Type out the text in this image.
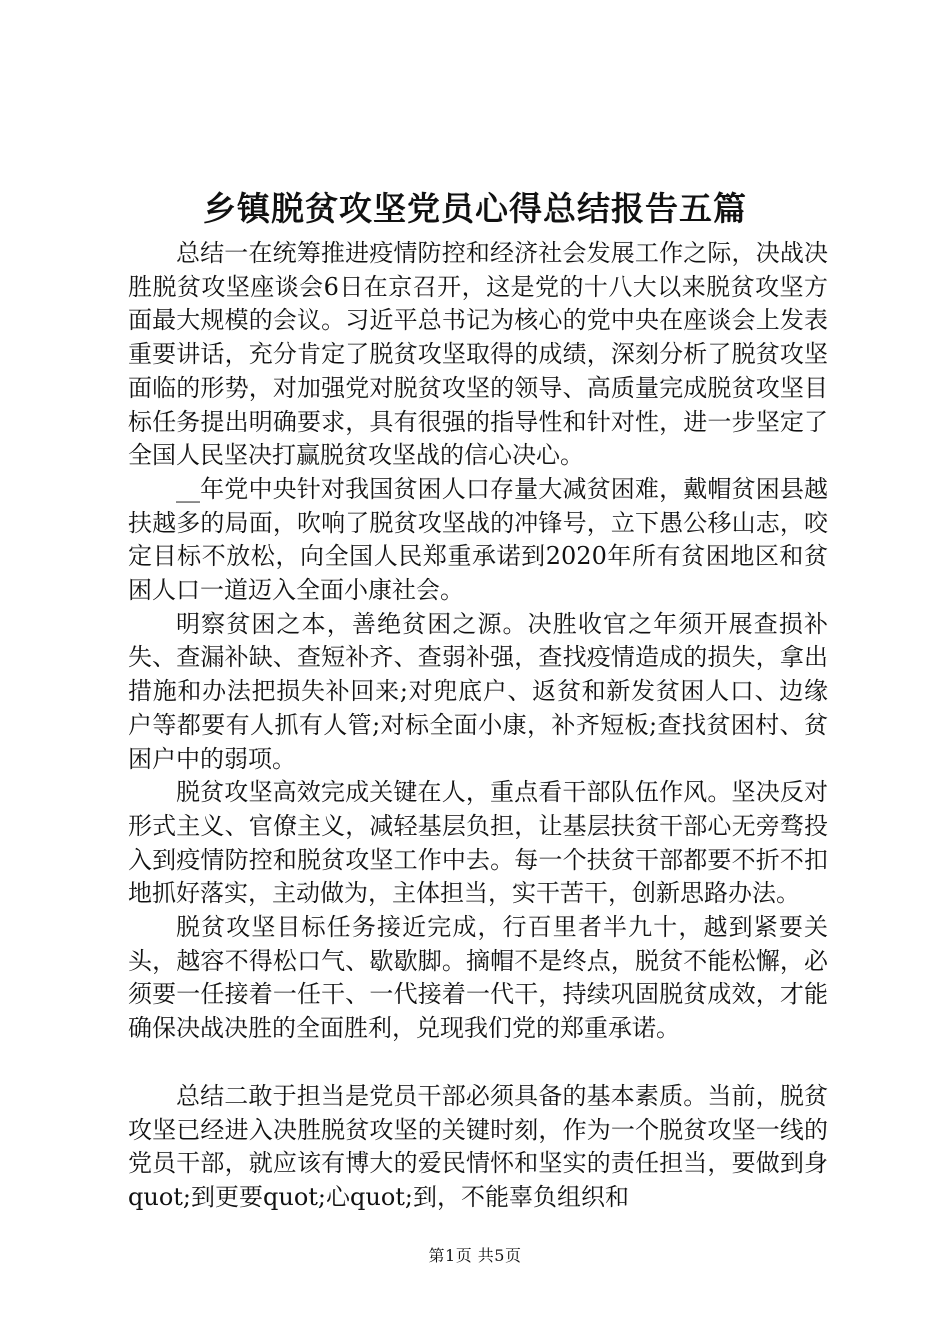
乡镇脱贫攻坚党员心得总结报告五篇

总结一在统筹推进疫情防控和经济社会发展工作之际，决战决胜脱贫攻坚座谈会6日在京召开，这是党的十八大以来脱贫攻坚方面最大规模的会议。习近平总书记为核心的党中央在座谈会上发表重要讲话，充分肯定了脱贫攻坚取得的成绩，深刻分析了脱贫攻坚面临的形势，对加强党对脱贫攻坚的领导、高质量完成脱贫攻坚目标任务提出明确要求，具有很强的指导性和针对性，进一步坚定了全国人民坚决打赢脱贫攻坚战的信心决心。

__年党中央针对我国贫困人口存量大减贫困难，戴帽贫困县越扶越多的局面，吹响了脱贫攻坚战的冲锋号，立下愚公移山志，咬定目标不放松，向全国人民郑重承诺到2020年所有贫困地区和贫困人口一道迈入全面小康社会。

明察贫困之本，善绝贫困之源。决胜收官之年须开展查损补失、查漏补缺、查短补齐、查弱补强，查找疫情造成的损失，拿出措施和办法把损失补回来;对兜底户、返贫和新发贫困人口、边缘户等都要有人抓有人管;对标全面小康，补齐短板;查找贫困村、贫困户中的弱项。

脱贫攻坚高效完成关键在人，重点看干部队伍作风。坚决反对形式主义、官僚主义，减轻基层负担，让基层扶贫干部心无旁骛投入到疫情防控和脱贫攻坚工作中去。每一个扶贫干部都要不折不扣地抓好落实，主动做为，主体担当，实干苦干，创新思路办法。

脱贫攻坚目标任务接近完成，行百里者半九十，越到紧要关头，越容不得松口气、歇歇脚。摘帽不是终点，脱贫不能松懈，必须要一任接着一任干、一代接着一代干，持续巩固脱贫成效，才能确保决战决胜的全面胜利，兑现我们党的郑重承诺。

总结二敢于担当是党员干部必须具备的基本素质。当前，脱贫攻坚已经进入决胜脱贫攻坚的关键时刻，作为一个脱贫攻坚一线的党员干部，就应该有博大的爱民情怀和坚实的责任担当，要做到身quot;到更要quot;心quot;到，不能辜负组织和

第1页 共5页
